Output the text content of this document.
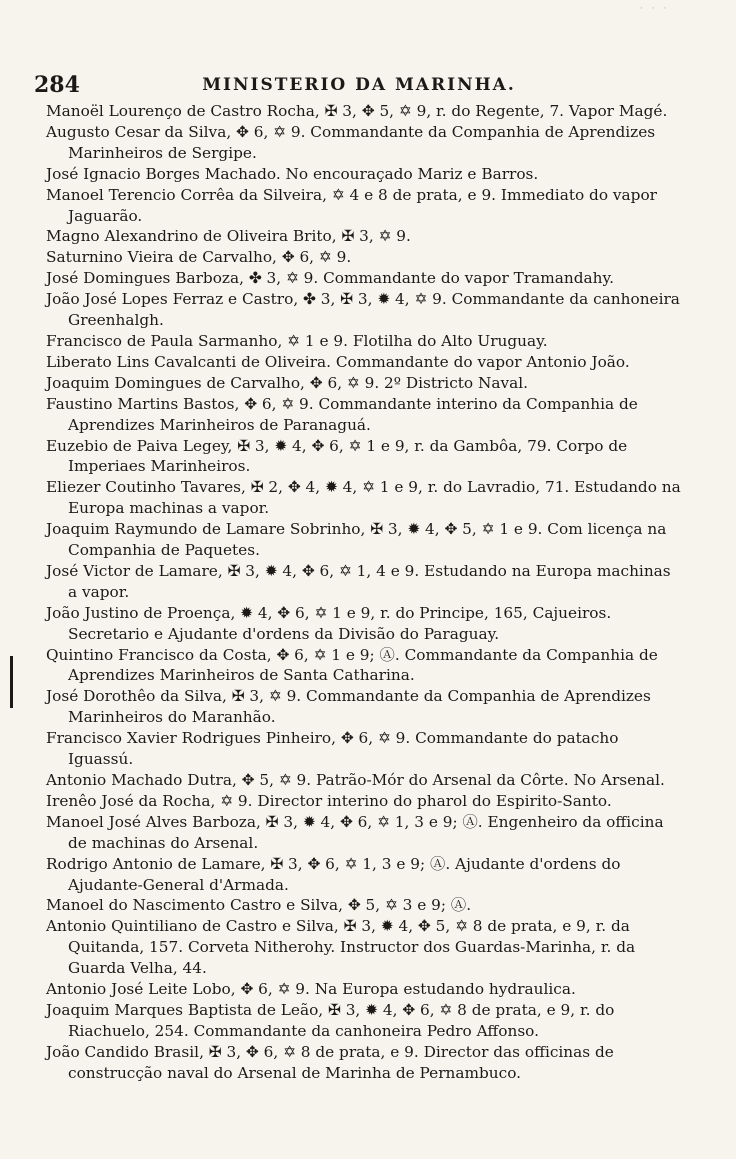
· · ·
284	MINISTERIO DA MARINHA.

Manoël Lourenço de Castro Rocha, ✠ 3, ✥ 5, ✡ 9, r. do Regente, 7. Vapor Magé.

Augusto Cesar da Silva, ✥ 6, ✡ 9. Commandante da Companhia de Aprendizes Marinheiros de Sergipe.

José Ignacio Borges Machado. No encouraçado Mariz e Barros.

Manoel Terencio Corrêa da Silveira, ✡ 4 e 8 de prata, e 9. Immediato do vapor Jaguarão.

Magno Alexandrino de Oliveira Brito, ✠ 3, ✡ 9.

Saturnino Vieira de Carvalho, ✥ 6, ✡ 9.

José Domingues Barboza, ✤ 3, ✡ 9. Commandante do vapor Tramandahy.

João José Lopes Ferraz e Castro, ✤ 3, ✠ 3, ✹ 4, ✡ 9. Commandante da canhoneira Greenhalgh.

Francisco de Paula Sarmanho, ✡ 1 e 9. Flotilha do Alto Uruguay.

Liberato Lins Cavalcanti de Oliveira. Commandante do vapor Antonio João.

Joaquim Domingues de Carvalho, ✥ 6, ✡ 9. 2º Districto Naval.

Faustino Martins Bastos, ✥ 6, ✡ 9. Commandante interino da Companhia de Aprendizes Marinheiros de Paranaguá.

Euzebio de Paiva Legey, ✠ 3, ✹ 4, ✥ 6, ✡ 1 e 9, r. da Gambôa, 79. Corpo de Imperiaes Marinheiros.

Eliezer Coutinho Tavares, ✠ 2, ✥ 4, ✹ 4, ✡ 1 e 9, r. do Lavradio, 71. Estudando na Europa machinas a vapor.

Joaquim Raymundo de Lamare Sobrinho, ✠ 3, ✹ 4, ✥ 5, ✡ 1 e 9. Com licença na Companhia de Paquetes.

José Victor de Lamare, ✠ 3, ✹ 4, ✥ 6, ✡ 1, 4 e 9. Estudando na Europa machinas a vapor.

João Justino de Proença, ✹ 4, ✥ 6, ✡ 1 e 9, r. do Principe, 165, Cajueiros. Secretario e Ajudante d'ordens da Divisão do Paraguay.

Quintino Francisco da Costa, ✥ 6, ✡ 1 e 9; Ⓐ. Commandante da Companhia de Aprendizes Marinheiros de Santa Catharina.

José Dorothêo da Silva, ✠ 3, ✡ 9. Commandante da Companhia de Aprendizes Marinheiros do Maranhão.

Francisco Xavier Rodrigues Pinheiro, ✥ 6, ✡ 9. Commandante do patacho Iguassú.

Antonio Machado Dutra, ✥ 5, ✡ 9. Patrão-Mór do Arsenal da Côrte. No Arsenal.

Irenêo José da Rocha, ✡ 9. Director interino do pharol do Espirito-Santo.

Manoel José Alves Barboza, ✠ 3, ✹ 4, ✥ 6, ✡ 1, 3 e 9; Ⓐ. Engenheiro da officina de machinas do Arsenal.

Rodrigo Antonio de Lamare, ✠ 3, ✥ 6, ✡ 1, 3 e 9; Ⓐ. Ajudante d'ordens do Ajudante-General d'Armada.

Manoel do Nascimento Castro e Silva, ✥ 5, ✡ 3 e 9; Ⓐ.

Antonio Quintiliano de Castro e Silva, ✠ 3, ✹ 4, ✥ 5, ✡ 8 de prata, e 9, r. da Quitanda, 157. Corveta Nitherohy. Instructor dos Guardas-Marinha, r. da Guarda Velha, 44.

Antonio José Leite Lobo, ✥ 6, ✡ 9. Na Europa estudando hydraulica.

Joaquim Marques Baptista de Leão, ✠ 3, ✹ 4, ✥ 6, ✡ 8 de prata, e 9, r. do Riachuelo, 254. Commandante da canhoneira Pedro Affonso.

João Candido Brasil, ✠ 3, ✥ 6, ✡ 8 de prata, e 9. Director das officinas de construcção naval do Arsenal de Marinha de Pernambuco.
